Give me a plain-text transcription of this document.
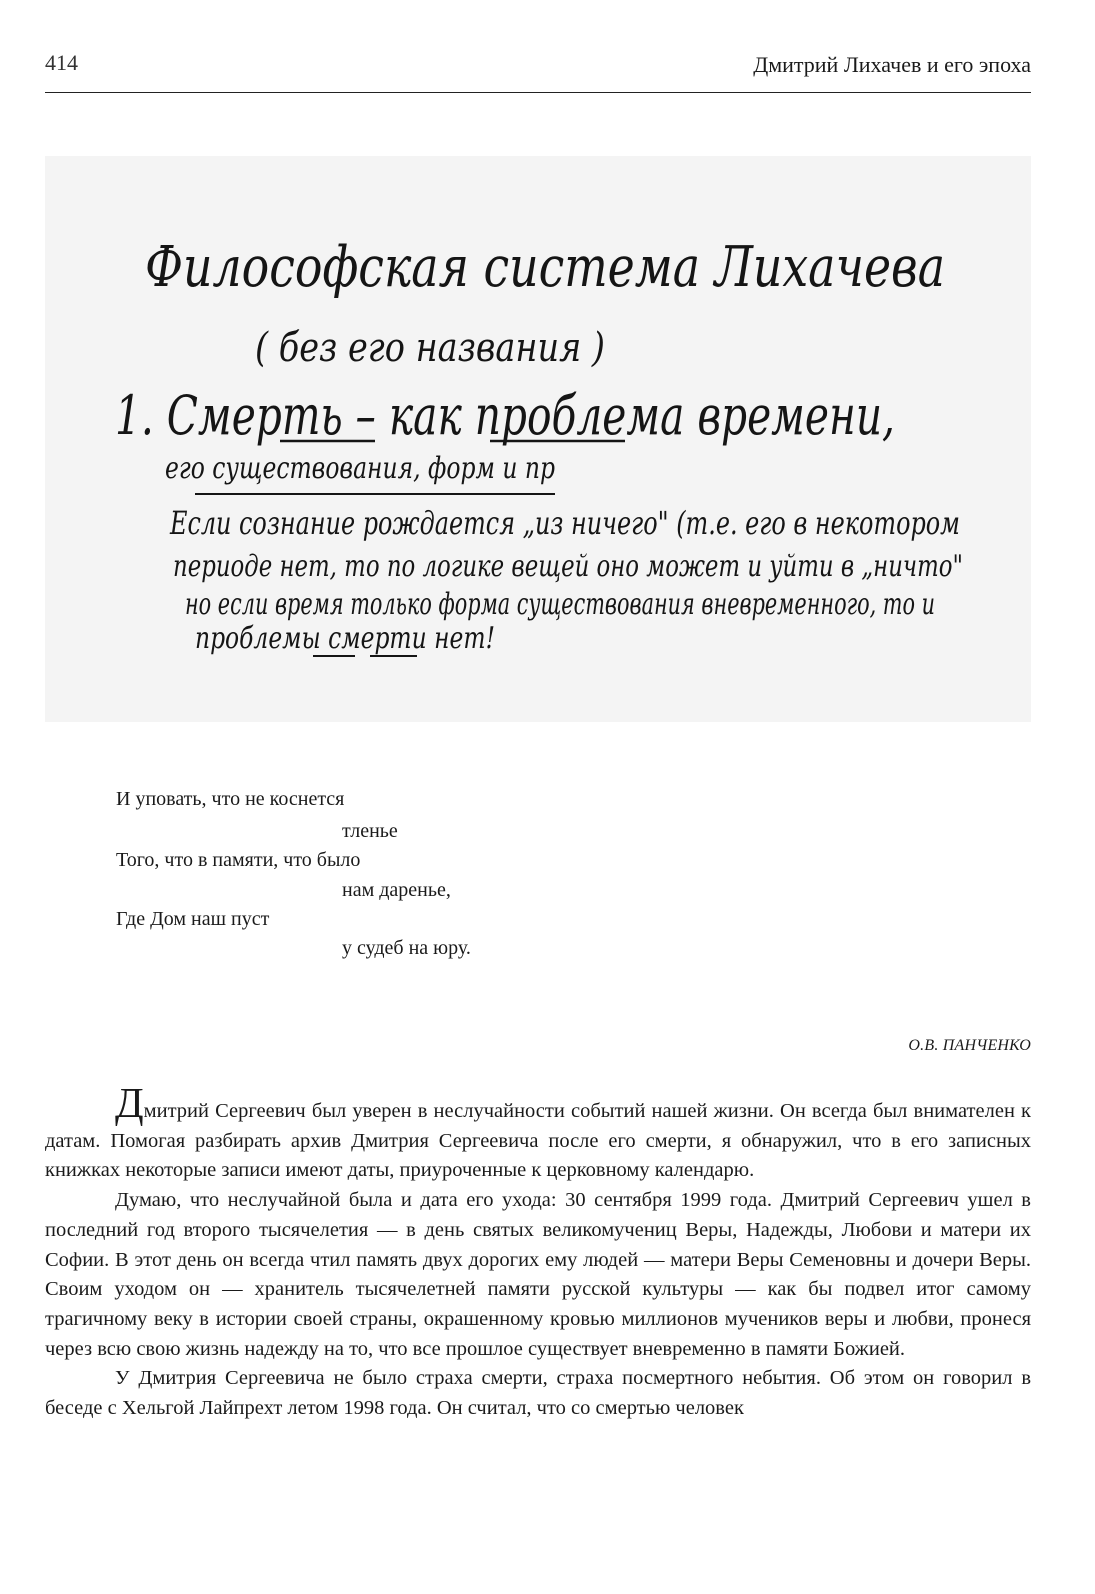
414	Дмитрий Лихачев и его эпоха
Философская система Лихачева
( без его названия )
1. Смерть – как проблема времени,
его существования, форм и пр
Если сознание рождается „из ничего" (т.е. его в некотором
периоде нет, то по логике вещей оно может и уйти в „ничто"
но если время только форма существования вневременного, то и
проблемы смерти нет!
И уповать, что не коснется
тленье
Того, что в памяти, что было
нам даренье,
Где Дом наш пуст
у судеб на юру.
О.В. ПАНЧЕНКО

Дмитрий Сергеевич был уверен в неслучайности событий нашей жизни. Он всегда был внимателен к датам. Помогая разбирать архив Дмитрия Сергеевича после его смерти, я обнаружил, что в его записных книжках некоторые записи имеют даты, приуроченные к церковному календарю.

Думаю, что неслучайной была и дата его ухода: 30 сентября 1999 года. Дмитрий Сергеевич ушел в последний год второго тысячелетия — в день святых великомучениц Веры, Надежды, Любови и матери их Софии. В этот день он всегда чтил память двух дорогих ему людей — матери Веры Семеновны и дочери Веры. Своим уходом он — хранитель тысячелетней памяти русской культуры — как бы подвел итог самому трагичному веку в истории своей страны, окрашенному кровью миллионов мучеников веры и любви, пронеся через всю свою жизнь надежду на то, что все прошлое существует вневременно в памяти Божией.

У Дмитрия Сергеевича не было страха смерти, страха посмертного небытия. Об этом он говорил в беседе с Хельгой Лайпрехт летом 1998 года. Он считал, что со смертью человек
